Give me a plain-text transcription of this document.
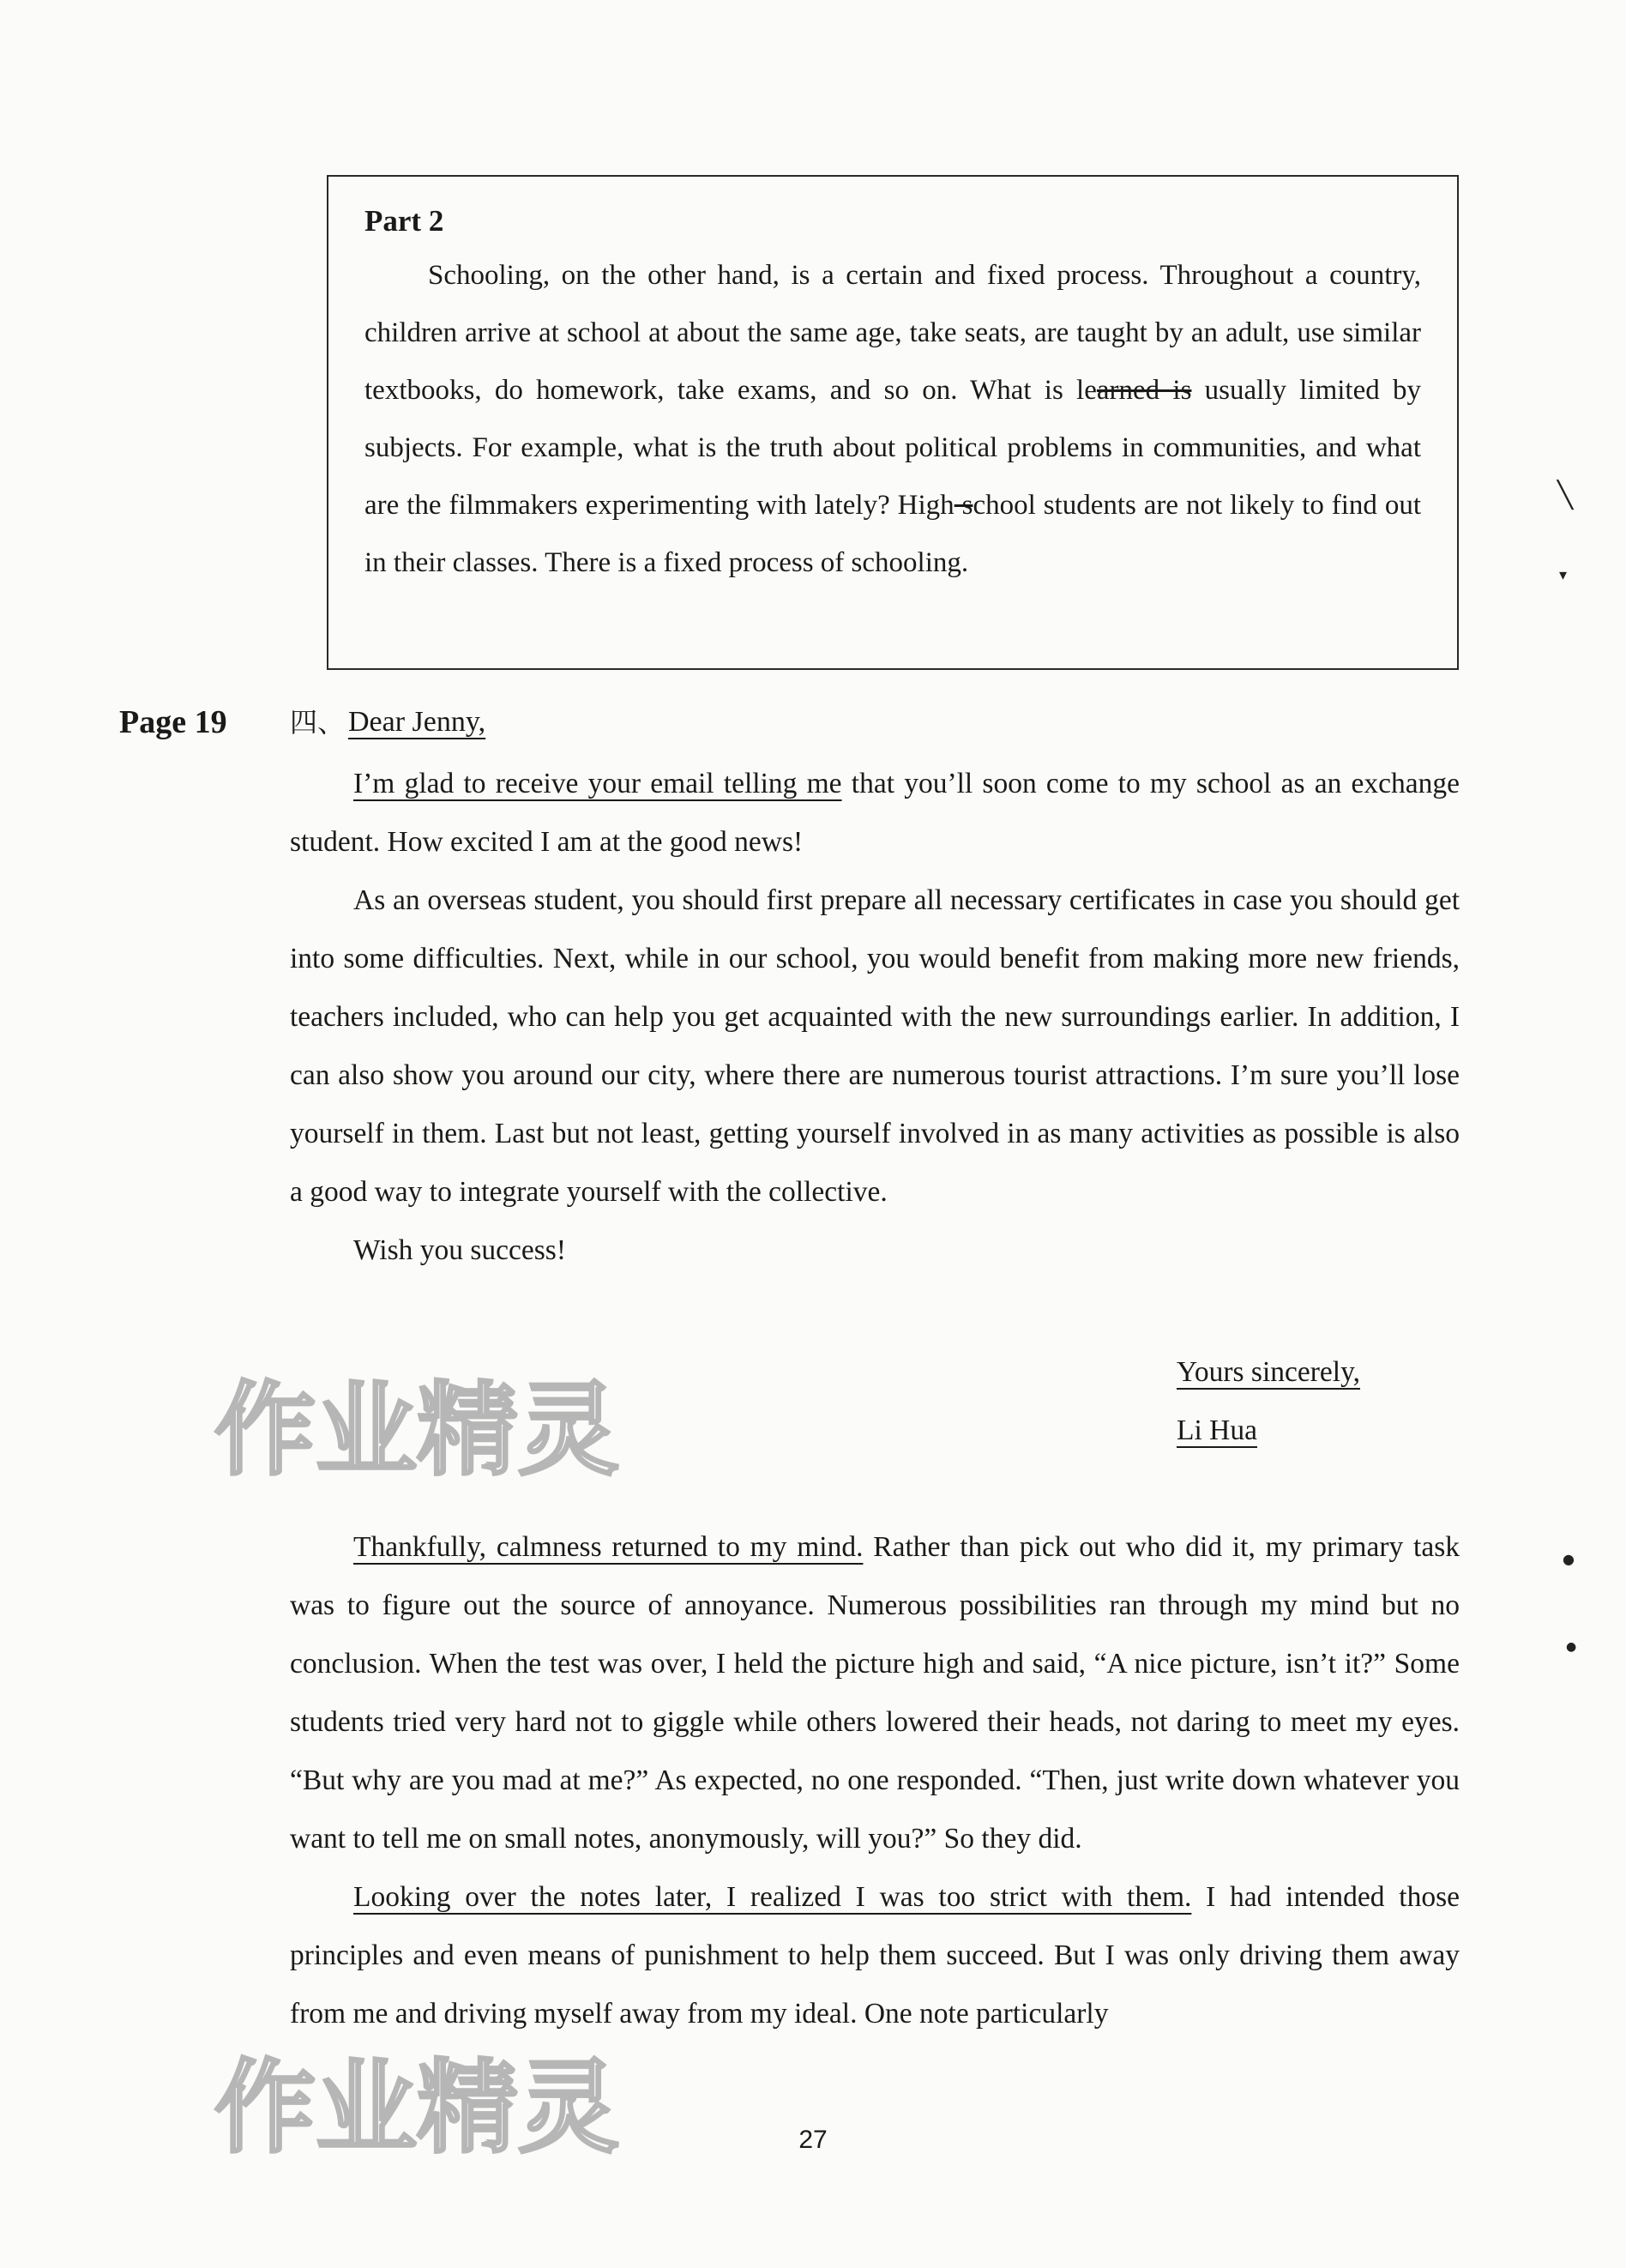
Part 2

Schooling, on the other hand, is a certain and fixed process. Throughout a country, children arrive at school at about the same age, take seats, are taught by an adult, use similar textbooks, do homework, take exams, and so on. What is learned is usually limited by subjects. For example, what is the truth about political problems in communities, and what are the filmmakers experimenting with lately? High school students are not likely to find out in their classes. There is a fixed process of schooling.

Page 19 四、 Dear Jenny,

I’m glad to receive your email telling me that you’ll soon come to my school as an exchange student. How excited I am at the good news!

As an overseas student, you should first prepare all necessary certificates in case you should get into some difficulties. Next, while in our school, you would benefit from making more new friends, teachers included, who can help you get acquainted with the new surroundings earlier. In addition, I can also show you around our city, where there are numerous tourist attractions. I’m sure you’ll lose yourself in them. Last but not least, getting yourself involved in as many activities as possible is also a good way to integrate yourself with the collective.

Wish you success!

Yours sincerely,
Li Hua

Thankfully, calmness returned to my mind. Rather than pick out who did it, my primary task was to figure out the source of annoyance. Numerous possibilities ran through my mind but no conclusion. When the test was over, I held the picture high and said, “A nice picture, isn’t it?” Some students tried very hard not to giggle while others lowered their heads, not daring to meet my eyes. “But why are you mad at me?” As expected, no one responded. “Then, just write down whatever you want to tell me on small notes, anonymously, will you?” So they did.

Looking over the notes later, I realized I was too strict with them. I had intended those principles and even means of punishment to help them succeed. But I was only driving them away from me and driving myself away from my ideal. One note particularly

27
作业精灵
作业精灵
╲
▾
●
●
